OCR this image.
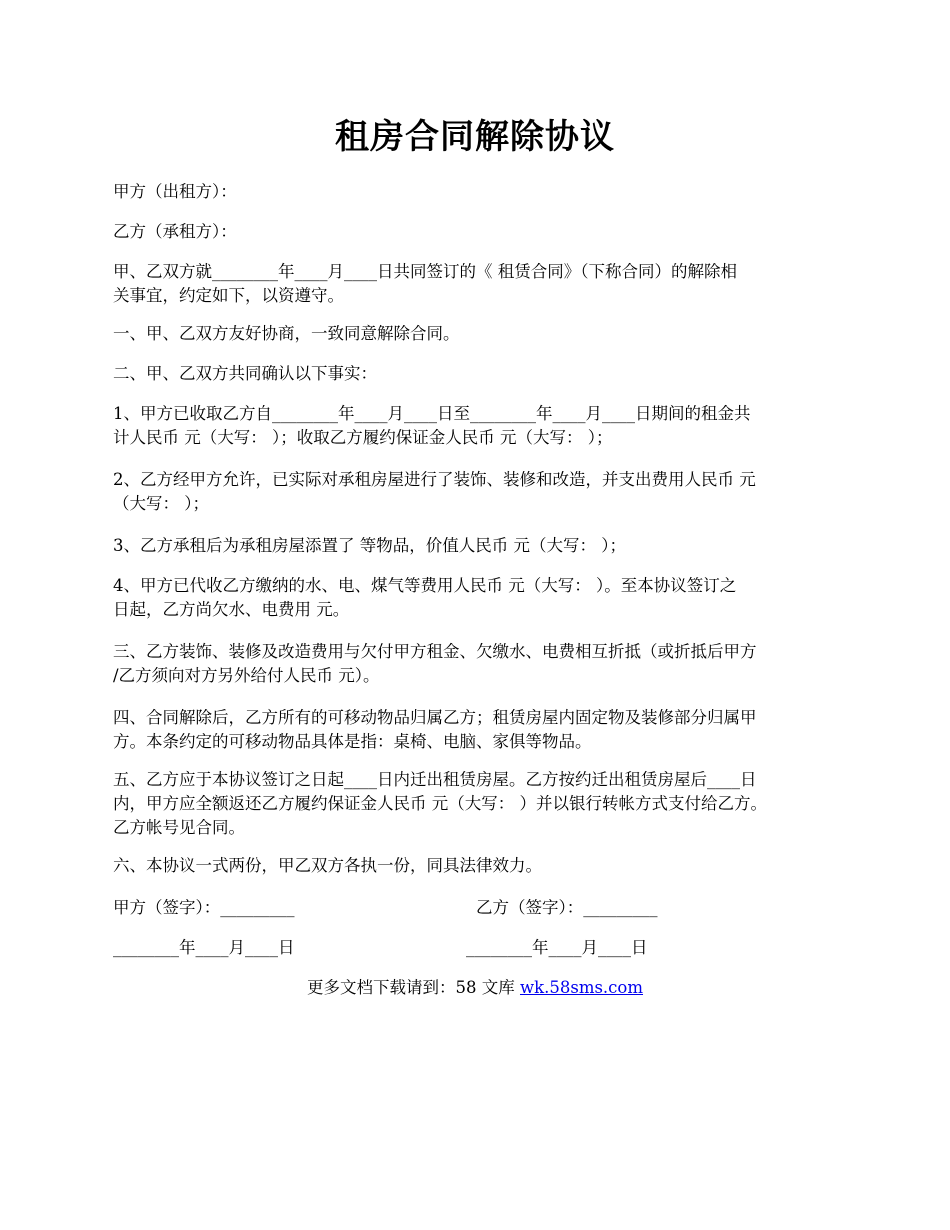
租房合同解除协议
甲方（出租方）：
乙方（承租方）：
甲、乙双方就________年____月____日共同签订的《 租赁合同》（下称合同）的解除相
关事宜，约定如下，以资遵守。
一、甲、乙双方友好协商，一致同意解除合同。
二、甲、乙双方共同确认以下事实：
1、甲方已收取乙方自________年____月____日至________年____月____日期间的租金共
计人民币 元（大写： ）；收取乙方履约保证金人民币 元（大写： ）；
2、乙方经甲方允许，已实际对承租房屋进行了装饰、装修和改造，并支出费用人民币 元
（大写： ）；
3、乙方承租后为承租房屋添置了 等物品，价值人民币 元（大写： ）；
4、甲方已代收乙方缴纳的水、电、煤气等费用人民币 元（大写： ）。至本协议签订之
日起，乙方尚欠水、电费用 元。
三、乙方装饰、装修及改造费用与欠付甲方租金、欠缴水、电费相互折抵（或折抵后甲方
/乙方须向对方另外给付人民币 元）。
四、合同解除后，乙方所有的可移动物品归属乙方；租赁房屋内固定物及装修部分归属甲
方。本条约定的可移动物品具体是指：桌椅、电脑、家俱等物品。
五、乙方应于本协议签订之日起____日内迁出租赁房屋。乙方按约迁出租赁房屋后____日
内，甲方应全额返还乙方履约保证金人民币 元（大写： ）并以银行转帐方式支付给乙方。
乙方帐号见合同。
六、本协议一式两份，甲乙双方各执一份，同具法律效力。
甲方（签字）：_________	乙方（签字）：_________
________年____月____日	________年____月____日
更多文档下载请到：58 文库 wk.58sms.com
